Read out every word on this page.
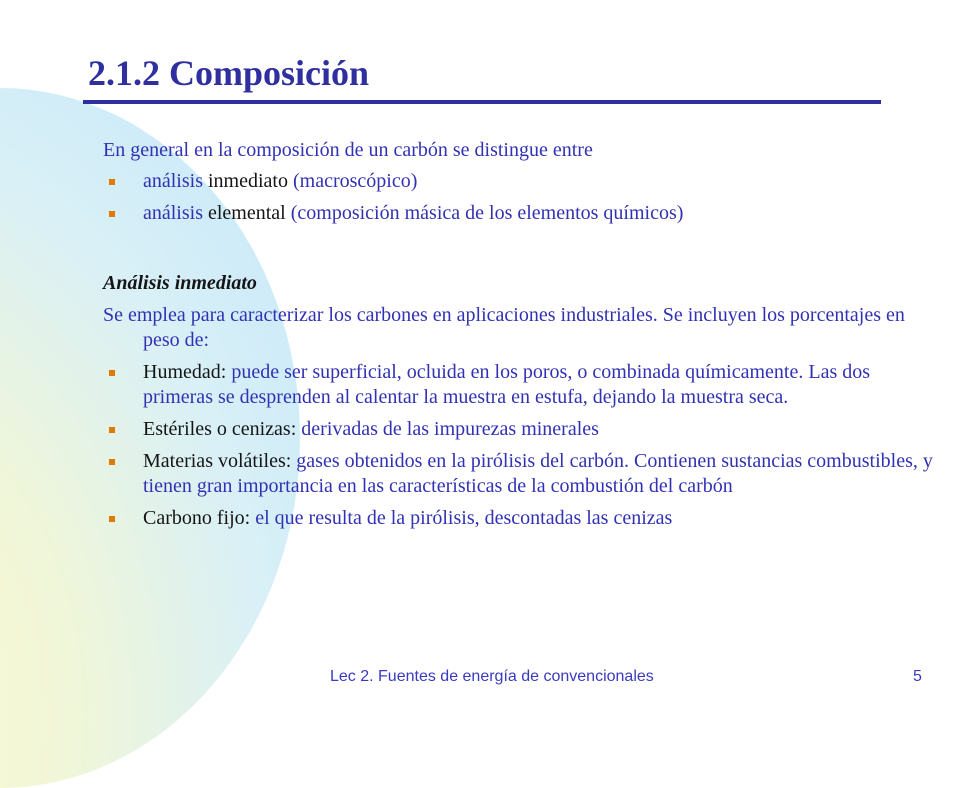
2.1.2 Composición

En general en la composición de un carbón se distingue entre

análisis inmediato (macroscópico)

análisis elemental (composición másica de los elementos químicos)

Análisis inmediato

Se emplea para caracterizar los carbones en aplicaciones industriales. Se incluyen los porcentajes en peso de:

Humedad: puede ser superficial, ocluida en los poros, o combinada químicamente. Las dos primeras se desprenden al calentar la muestra en estufa, dejando la muestra seca.

Estériles o cenizas: derivadas de las impurezas minerales

Materias volátiles: gases obtenidos en la pirólisis del carbón. Contienen sustancias combustibles, y tienen gran importancia en las características de la combustión del carbón

Carbono fijo: el que resulta de la pirólisis, descontadas las cenizas

Lec 2. Fuentes de energía de convencionales	5
